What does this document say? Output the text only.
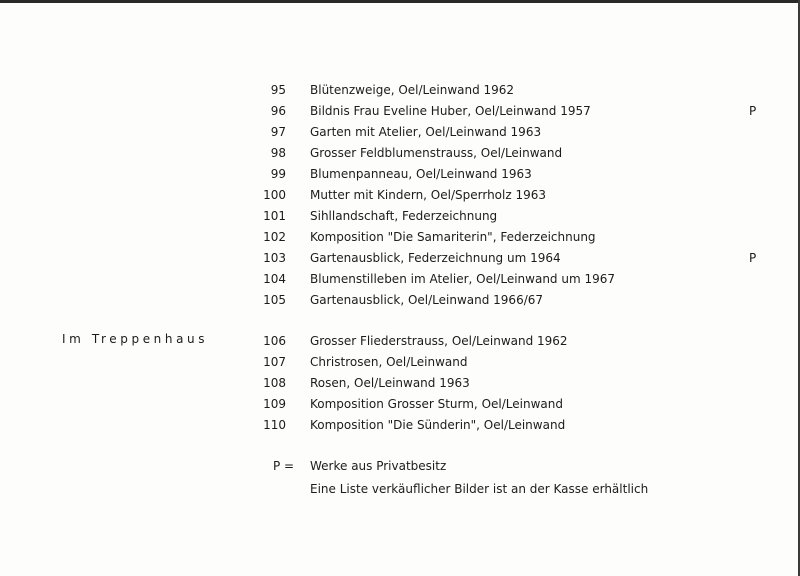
95 Blütenzweige, Oel/Leinwand 1962
96 Bildnis Frau Eveline Huber, Oel/Leinwand 1957	P
97 Garten mit Atelier, Oel/Leinwand 1963
98 Grosser Feldblumenstrauss, Oel/Leinwand
99 Blumenpanneau, Oel/Leinwand 1963
100 Mutter mit Kindern, Oel/Sperrholz 1963
101 Sihllandschaft, Federzeichnung
102 Komposition "Die Samariterin", Federzeichnung
103 Gartenausblick, Federzeichnung um 1964	P
104 Blumenstilleben im Atelier, Oel/Leinwand um 1967
105 Gartenausblick, Oel/Leinwand 1966/67
106 Grosser Fliederstrauss, Oel/Leinwand 1962
107 Christrosen, Oel/Leinwand
108 Rosen, Oel/Leinwand 1963
109 Komposition Grosser Sturm, Oel/Leinwand
110 Komposition "Die Sünderin", Oel/Leinwand
Im Treppenhaus
P = Werke aus Privatbesitz
Eine Liste verkäuflicher Bilder ist an der Kasse erhältlich
